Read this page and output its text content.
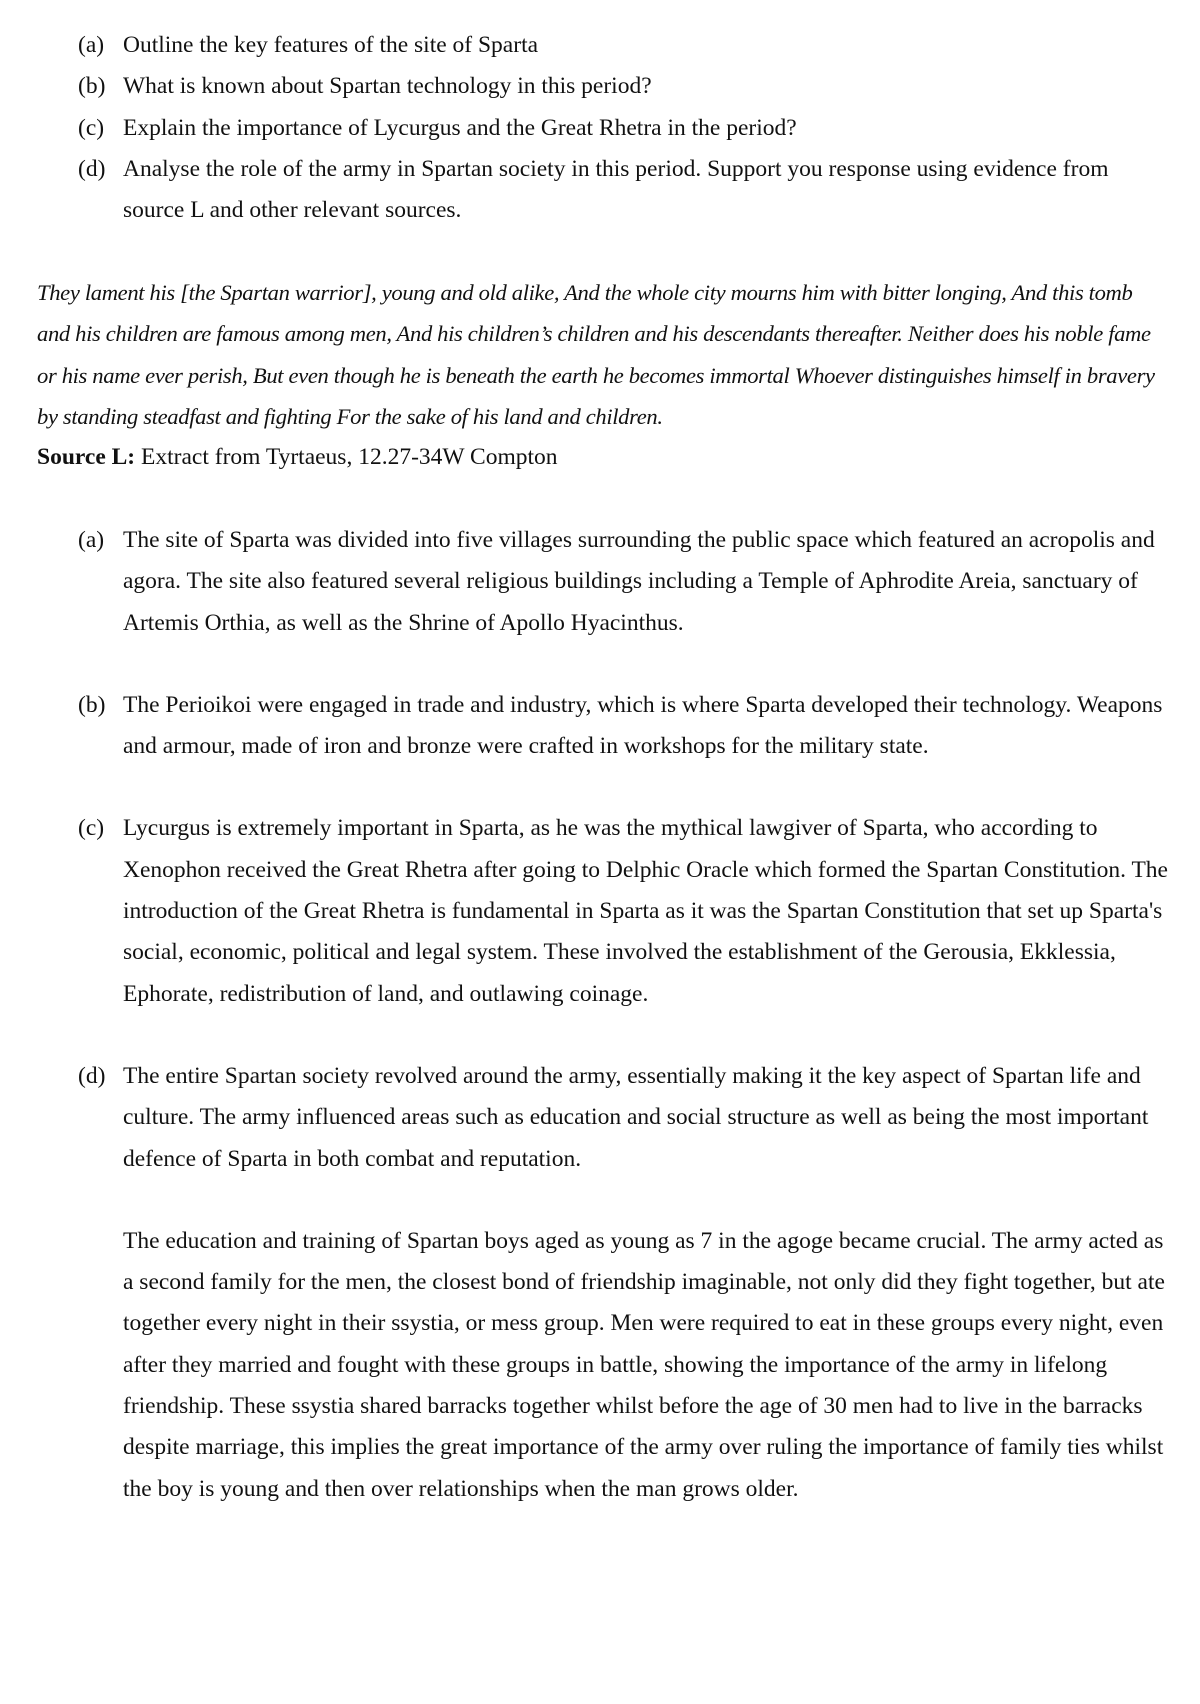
(a) Outline the key features of the site of Sparta
(b) What is known about Spartan technology in this period?
(c) Explain the importance of Lycurgus and the Great Rhetra in the period?
(d) Analyse the role of the army in Spartan society in this period. Support you response using evidence from source L and other relevant sources.

They lament his [the Spartan warrior], young and old alike, And the whole city mourns him with bitter longing, And this tomb and his children are famous among men, And his children’s children and his descendants thereafter. Neither does his noble fame or his name ever perish, But even though he is beneath the earth he becomes immortal Whoever distinguishes himself in bravery by standing steadfast and fighting For the sake of his land and children.

Source L: Extract from Tyrtaeus, 12.27-34W Compton

(a) The site of Sparta was divided into five villages surrounding the public space which featured an acropolis and agora. The site also featured several religious buildings including a Temple of Aphrodite Areia, sanctuary of Artemis Orthia, as well as the Shrine of Apollo Hyacinthus.
(b) The Perioikoi were engaged in trade and industry, which is where Sparta developed their technology. Weapons and armour, made of iron and bronze were crafted in workshops for the military state.
(c) Lycurgus is extremely important in Sparta, as he was the mythical lawgiver of Sparta, who according to Xenophon received the Great Rhetra after going to Delphic Oracle which formed the Spartan Constitution. The introduction of the Great Rhetra is fundamental in Sparta as it was the Spartan Constitution that set up Sparta's social, economic, political and legal system. These involved the establishment of the Gerousia, Ekklessia, Ephorate, redistribution of land, and outlawing coinage.
(d) The entire Spartan society revolved around the army, essentially making it the key aspect of Spartan life and culture. The army influenced areas such as education and social structure as well as being the most important defence of Sparta in both combat and reputation.

The education and training of Spartan boys aged as young as 7 in the agoge became crucial. The army acted as a second family for the men, the closest bond of friendship imaginable, not only did they fight together, but ate together every night in their ssystia, or mess group. Men were required to eat in these groups every night, even after they married and fought with these groups in battle, showing the importance of the army in lifelong friendship. These ssystia shared barracks together whilst before the age of 30 men had to live in the barracks despite marriage, this implies the great importance of the army over ruling the importance of family ties whilst the boy is young and then over relationships when the man grows older.
